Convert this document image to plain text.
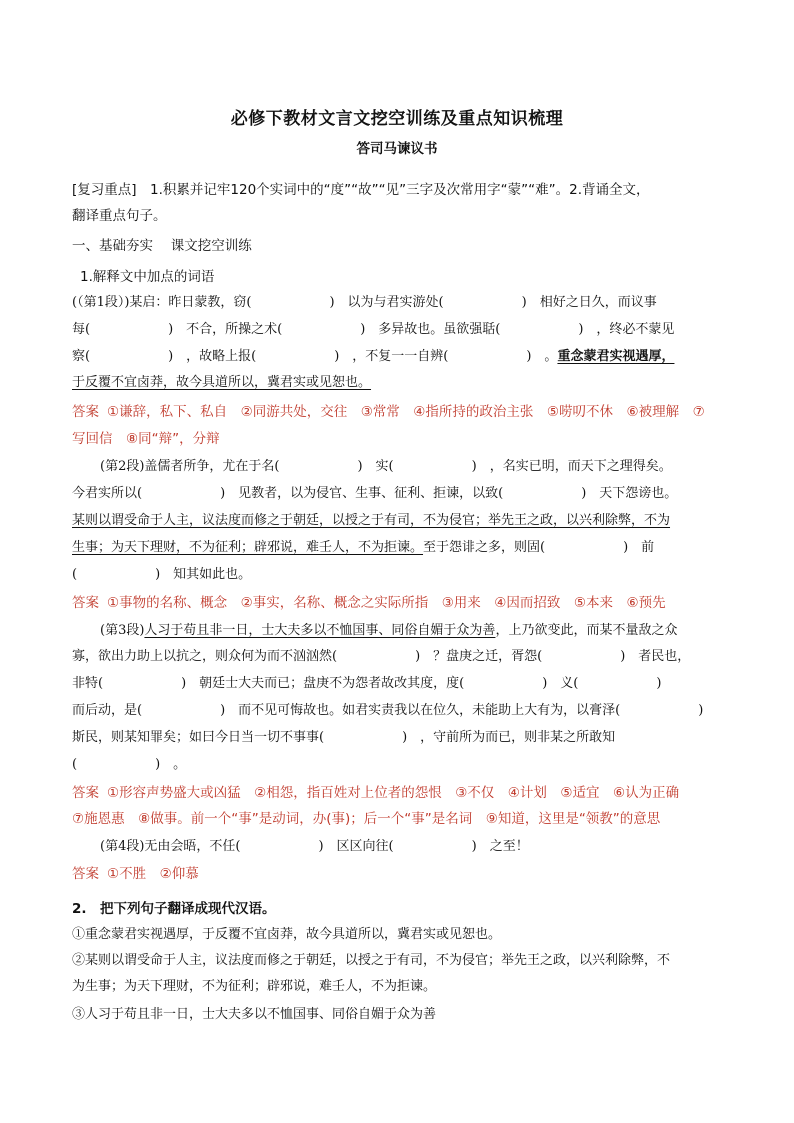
必修下教材文言文挖空训练及重点知识梳理
答司马谏议书
[复习重点]　1.积累并记牢120个实词中的“度”“故”“见”三字及次常用字“蒙”“难”。2.背诵全文，
翻译重点句子。
一、基础夯实　 课文挖空训练
1.解释文中加点的词语
(（第1段）)某启：昨日蒙教，窃(　　　　　　)　以为与君实游处(　　　　　　)　相好之日久，而议事
每(　　　　　　)　不合，所操之术(　　　　　　)　多异故也。虽欲强聒(　　　　　　)　，终必不蒙见
察(　　　　　　)　，故略上报(　　　　　　)　，不复一一自辨(　　　　　　)　。重念蒙君实视遇厚，
于反覆不宜卤莽，故今具道所以，冀君实或见恕也。
答案 ①谦辞，私下、私自　②同游共处，交往　③常常　④指所持的政治主张　⑤唠叨不休　⑥被理解　⑦
写回信　⑧同“辩”，分辩
(第2段)盖儒者所争，尤在于名(　　　　　　)　实(　　　　　　)　，名实已明，而天下之理得矣。
今君实所以(　　　　　　)　见教者，以为侵官、生事、征利、拒谏，以致(　　　　　　)　天下怨谤也。
某则以谓受命于人主，议法度而修之于朝廷，以授之于有司，不为侵官；举先王之政，以兴利除弊，不为
生事；为天下理财，不为征利；辟邪说，难壬人，不为拒谏。至于怨诽之多，则固(　　　　　　)　前
(　　　　　　)　知其如此也。
答案 ①事物的名称、概念　②事实，名称、概念之实际所指　③用来　④因而招致　⑤本来　⑥预先
(第3段)人习于苟且非一日，士大夫多以不恤国事、同俗自媚于众为善，上乃欲变此，而某不量敌之众
寡，欲出力助上以抗之，则众何为而不汹汹然(　　　　　　)　？盘庚之迁，胥怨(　　　　　　)　者民也，
非特(　　　　　　)　朝廷士大夫而已；盘庚不为怨者故改其度，度(　　　　　　)　义(　　　　　　)
而后动，是(　　　　　　)　而不见可悔故也。如君实责我以在位久，未能助上大有为，以膏泽(　　　　　　)
斯民，则某知罪矣；如曰今日当一切不事事(　　　　　　)　，守前所为而已，则非某之所敢知
(　　　　　　)　。
答案 ①形容声势盛大或凶猛　②相怨，指百姓对上位者的怨恨　③不仅　④计划　⑤适宜　⑥认为正确
⑦施恩惠　⑧做事。前一个“事”是动词，办(事)；后一个“事”是名词　⑨知道，这里是“领教”的意思
(第4段)无由会晤，不任(　　　　　　)　区区向往(　　　　　　)　之至！
答案 ①不胜　②仰慕
2.　把下列句子翻译成现代汉语。
①重念蒙君实视遇厚，于反覆不宜卤莽，故今具道所以，冀君实或见恕也。
②某则以谓受命于人主，议法度而修之于朝廷，以授之于有司，不为侵官；举先王之政，以兴利除弊，不
为生事；为天下理财，不为征利；辟邪说，难壬人，不为拒谏。
③人习于苟且非一日，士大夫多以不恤国事、同俗自媚于众为善
